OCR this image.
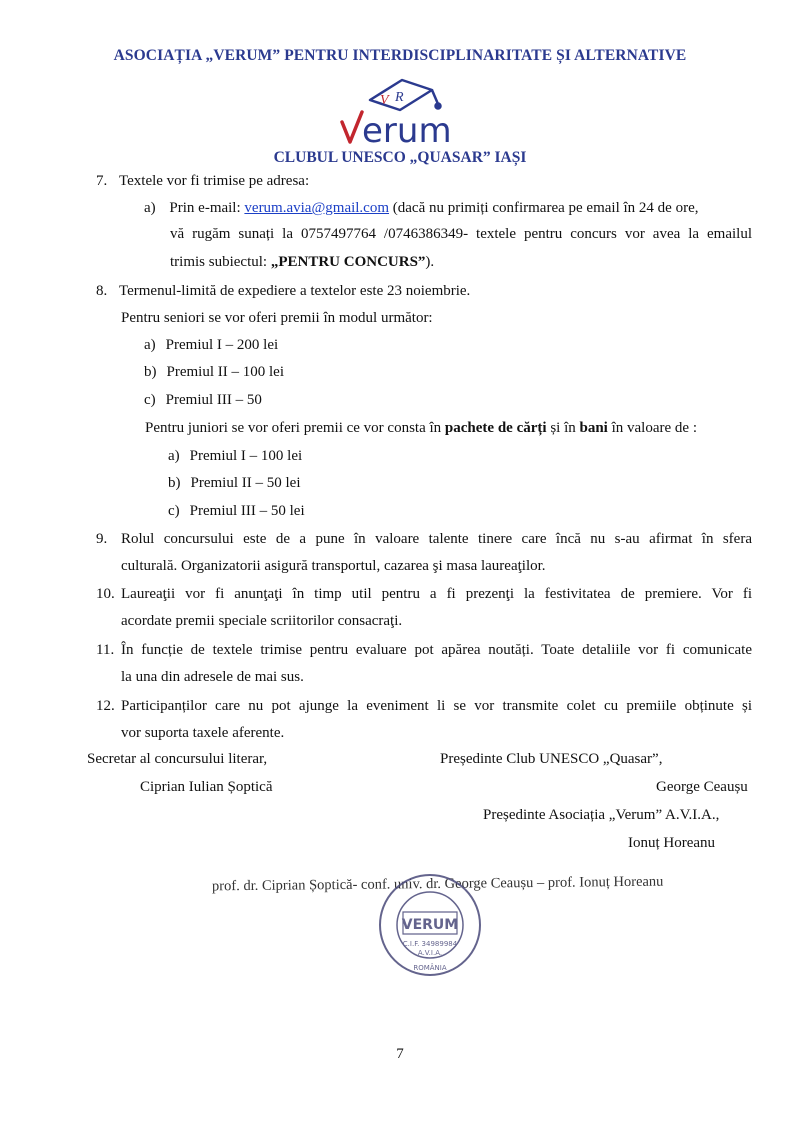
ASOCIAȚIA „VERUM” PENTRU INTERDISCIPLINARITATE ȘI ALTERNATIVE
V R
erum
CLUBUL UNESCO „QUASAR” IAȘI
7. Textele vor fi trimise pe adresa:
a) Prin e-mail: verum.avia@gmail.com (dacă nu primiți confirmarea pe email în 24 de ore,
vă rugăm sunați la 0757497764 /0746386349- textele pentru concurs vor avea la emailul
trimis subiectul: „PENTRU CONCURS”).
8. Termenul-limită de expediere a textelor este 23 noiembrie.
Pentru seniori se vor oferi premii în modul următor:
a) Premiul I – 200 lei
b) Premiul II – 100 lei
c) Premiul III – 50
Pentru juniori se vor oferi premii ce vor consta în pachete de cărți și în bani în valoare de :
a) Premiul I – 100 lei
b) Premiul II – 50 lei
c) Premiul III – 50 lei
9. Rolul concursului este de a pune în valoare talente tinere care încă nu s-au afirmat în sfera
culturală. Organizatorii asigură transportul, cazarea şi masa laureaţilor.
10. Laureaţii vor fi anunţaţi în timp util pentru a fi prezenţi la festivitatea de premiere. Vor fi
acordate premii speciale scriitorilor consacraţi.
11. În funcție de textele trimise pentru evaluare pot apărea noutăți. Toate detaliile vor fi comunicate
la una din adresele de mai sus.
12. Participanților care nu pot ajunge la eveniment li se vor transmite colet cu premiile obținute și
vor suporta taxele aferente.
Secretar al concursului literar,	Președinte Club UNESCO „Quasar”,
Ciprian Iulian Șoptică	George Ceaușu
Președinte Asociația „Verum” A.V.I.A.,
Ionuț Horeanu
prof. dr. Ciprian Șoptică- conf. univ. dr. George Ceaușu – prof. Ionuț Horeanu
VERUM
C.I.F. 34989984
A.V.I.A.
ROMÂNIA
7
